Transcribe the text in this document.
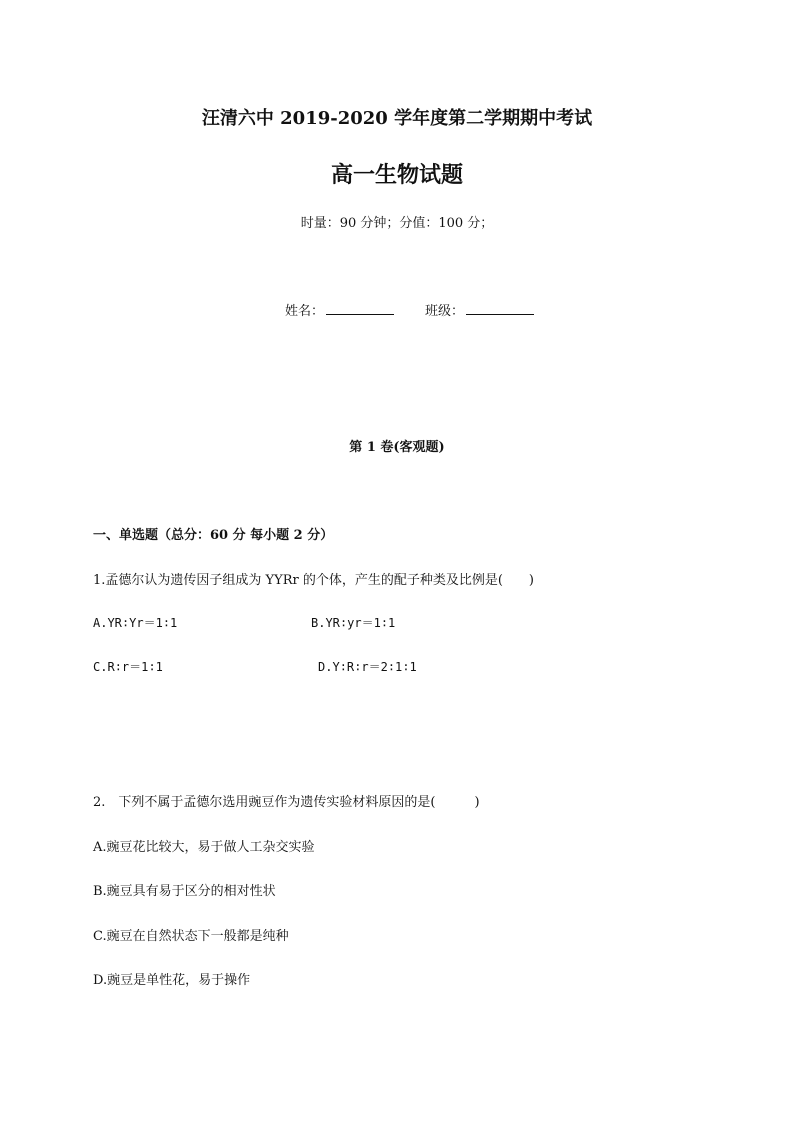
汪清六中 2019-2020 学年度第二学期期中考试
高一生物试题
时量：90 分钟；分值：100 分；
姓名：	班级：
第 1 卷(客观题)
一、单选题（总分：60 分 每小题 2 分）
1.孟德尔认为遗传因子组成为 YYRr 的个体，产生的配子种类及比例是(　　)
A.YR∶Yr＝1∶1	B.YR∶yr＝1∶1
C.R∶r＝1∶1	D.Y∶R∶r＝2∶1∶1
2.　下列不属于孟德尔选用豌豆作为遗传实验材料原因的是(　　　)
A.豌豆花比较大，易于做人工杂交实验
B.豌豆具有易于区分的相对性状
C.豌豆在自然状态下一般都是纯种
D.豌豆是单性花，易于操作
